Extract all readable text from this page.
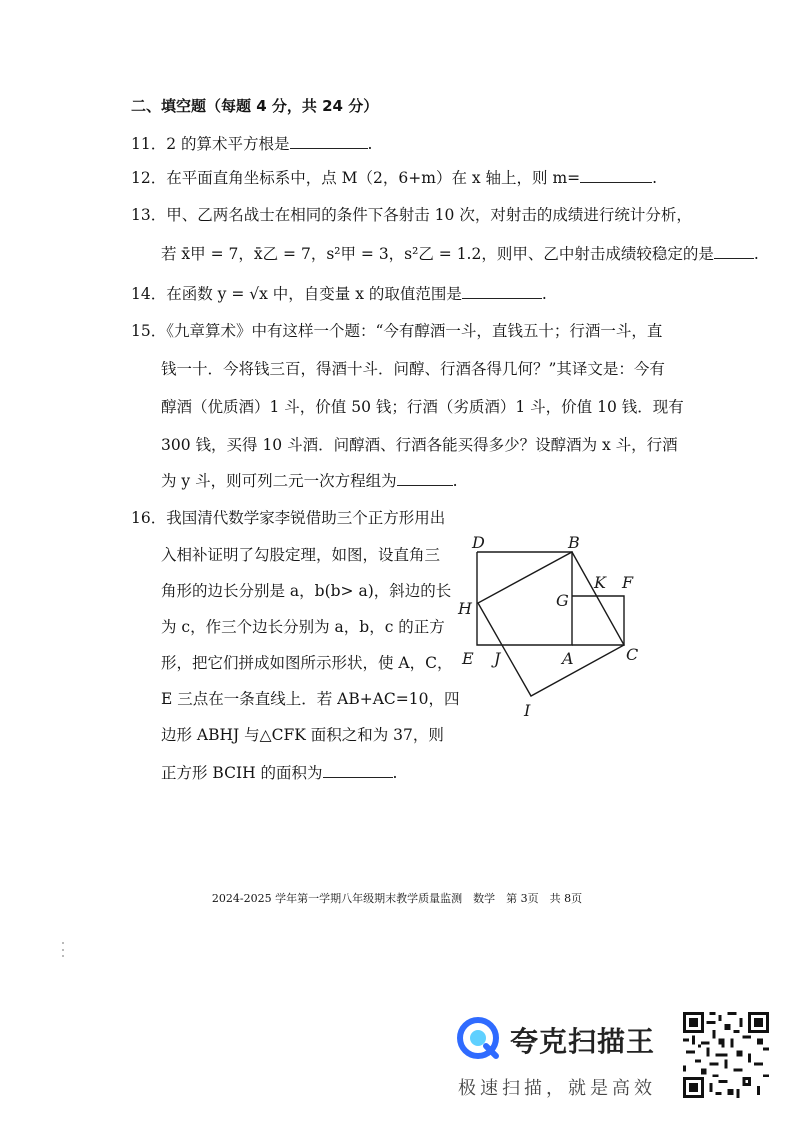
二、填空题（每题 4 分，共 24 分）
11．2 的算术平方根是	.
12．在平面直角坐标系中，点 M（2，6+m）在 x 轴上，则 m=	.
13．甲、乙两名战士在相同的条件下各射击 10 次，对射击的成绩进行统计分析，
若 x̄甲 = 7，x̄乙 = 7，s²甲 = 3，s²乙 = 1.2，则甲、乙中射击成绩较稳定的是	.
14．在函数 y = √x 中，自变量 x 的取值范围是	.
15．《九章算术》中有这样一个题：“今有醇酒一斗，直钱五十；行酒一斗，直
钱一十．今将钱三百，得酒十斗．问醇、行酒各得几何？”其译文是：今有
醇酒（优质酒）1 斗，价值 50 钱；行酒（劣质酒）1 斗，价值 10 钱．现有
300 钱，买得 10 斗酒．问醇酒、行酒各能买得多少？设醇酒为 x 斗，行酒
为 y 斗，则可列二元一次方程组为	.
16．我国清代数学家李锐借助三个正方形用出
入相补证明了勾股定理，如图，设直角三
角形的边长分别是 a，b(b> a)，斜边的长
为 c，作三个边长分别为 a，b，c 的正方
形，把它们拼成如图所示形状，使 A，C，
E 三点在一条直线上．若 AB+AC=10，四
边形 ABHJ 与△CFK 面积之和为 37，则
正方形 BCIH 的面积为	.
D	B
K F
G
H
E J	A	C
I
2024-2025 学年第一学期八年级期末教学质量监测　数学　第 3页　共 8页
夸克扫描王
极速扫描，就是高效
